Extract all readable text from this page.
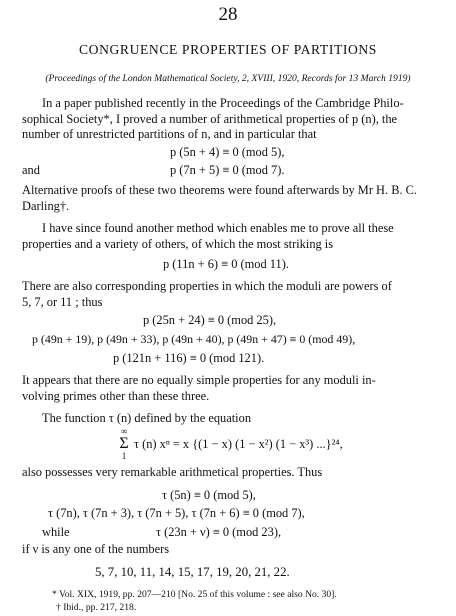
28
CONGRUENCE PROPERTIES OF PARTITIONS
(Proceedings of the London Mathematical Society, 2, XVIII, 1920, Records for 13 March 1919)

In a paper published recently in the Proceedings of the Cambridge Philo-

sophical Society*, I proved a number of arithmetical properties of p (n), the

number of unrestricted partitions of n, and in particular that

p (5n + 4) ≡ 0 (mod 5),
and	p (7n + 5) ≡ 0 (mod 7).

Alternative proofs of these two theorems were found afterwards by Mr H. B. C.

Darling†.

I have since found another method which enables me to prove all these

properties and a variety of others, of which the most striking is

p (11n + 6) ≡ 0 (mod 11).

There are also corresponding properties in which the moduli are powers of

5, 7, or 11 ; thus

p (25n + 24) ≡ 0 (mod 25),
p (49n + 19), p (49n + 33), p (49n + 40), p (49n + 47) ≡ 0 (mod 49),
p (121n + 116) ≡ 0 (mod 121).

It appears that there are no equally simple properties for any moduli in-

volving primes other than these three.

The function τ (n) defined by the equation
∞
Σ
1
τ (n) xⁿ = x {(1 − x) (1 − x²) (1 − x³) ...}²⁴,
also possesses very remarkable arithmetical properties. Thus
τ (5n) ≡ 0 (mod 5),
τ (7n), τ (7n + 3), τ (7n + 5), τ (7n + 6) ≡ 0 (mod 7),
while	τ (23n + ν) ≡ 0 (mod 23),
if ν is any one of the numbers
5, 7, 10, 11, 14, 15, 17, 19, 20, 21, 22.
* Vol. XIX, 1919, pp. 207—210 [No. 25 of this volume : see also No. 30].
† Ibid., pp. 217, 218.
